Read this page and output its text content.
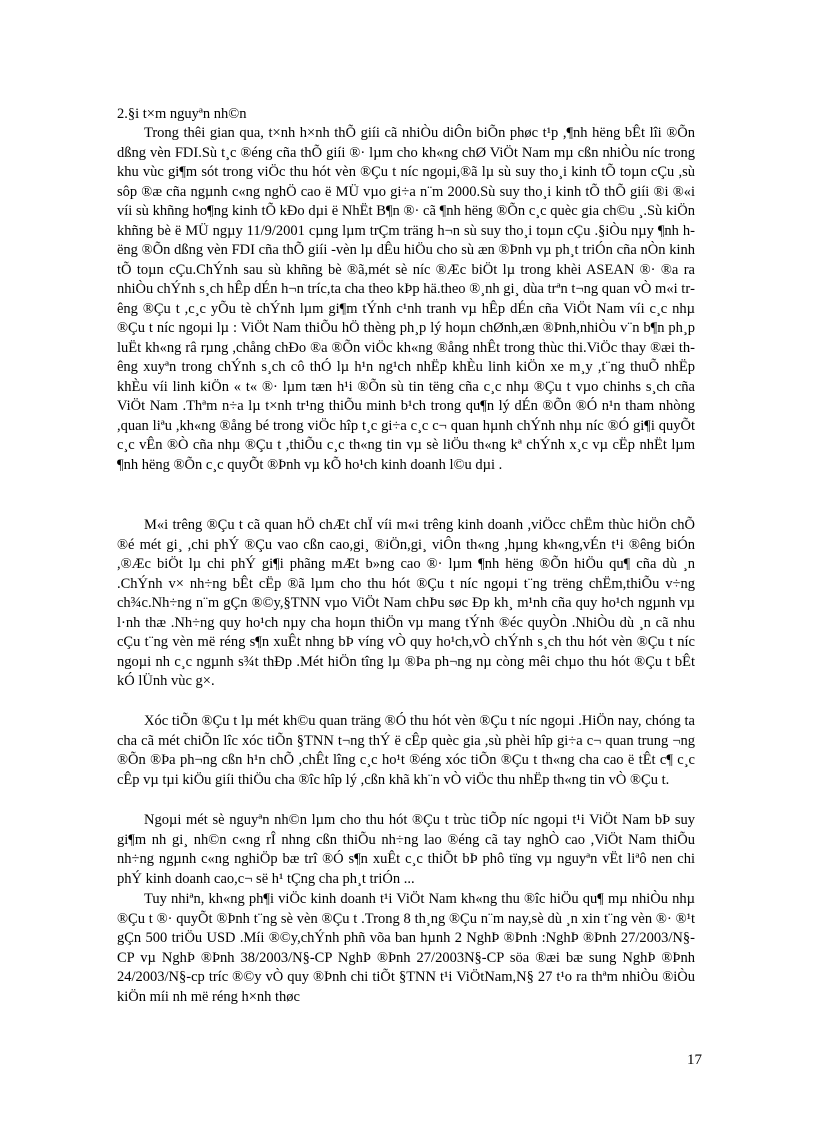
2.§i t×m nguyªn nh©n

Trong thêi gian qua, t×nh h×nh thÕ giíi cã nhiÒu diÔn biÕn phøc t¹p ,¶nh hëng bÊt lîi ®Õn dßng vèn FDI.Sù t¸c ®éng cña thÕ giíi ®· lµm cho kh«ng chØ ViÖt Nam mµ cßn nhiÒu níc trong khu vùc gi¶m sót trong viÖc thu hót vèn ®Çu t níc ngoµi,®ã lµ sù suy tho¸i kinh tÕ toµn cÇu ,sù sôp ®æ cña ngµnh c«ng nghÖ cao ë MÜ vµo gi÷a n¨m 2000.Sù suy tho¸i kinh tÕ thÕ giíi ®i ®«i víi sù khñng ho¶ng kinh tÕ kÐo dµi ë NhËt B¶n ®· cã ¶nh hëng ®Õn c¸c quèc gia ch©u ¸.Sù kiÖn khñng bè ë MÜ ngµy 11/9/2001 cµng lµm trÇm träng h¬n sù suy tho¸i toµn cÇu .§iÒu nµy ¶nh hëng ®Õn dßng vèn FDI cña thÕ giíi -vèn lµ dÊu hiÖu cho sù æn ®Þnh vµ ph¸t triÓn cña nÒn kinh tÕ toµn cÇu.ChÝnh sau sù khñng bè ®ã,mét sè níc ®Æc biÖt lµ trong khèi ASEAN ®· ®a ra nhiÒu chÝnh s¸ch hÊp dÉn h¬n tríc,ta cha theo kÞp hä.theo ®¸nh gi¸ dùa trªn t¬ng quan vÒ m«i trêng ®Çu t ,c¸c yÕu tè chÝnh lµm gi¶m tÝnh c¹nh tranh vµ hÊp dÉn cña ViÖt Nam víi c¸c nhµ ®Çu t níc ngoµi lµ : ViÖt Nam thiÕu hÖ thèng ph¸p lý hoµn chØnh,æn ®Þnh,nhiÒu v¨n b¶n ph¸p luËt kh«ng râ rµng ,chång chÐo ®a ®Õn viÖc kh«ng ®ång nhÊt trong thùc thi.ViÖc thay ®æi thêng xuyªn trong chÝnh s¸ch cô thÓ lµ h¹n ng¹ch nhËp khÈu linh kiÖn xe m¸y ,t¨ng thuÕ nhËp khÈu víi linh kiÖn « t« ®· lµm tæn h¹i ®Õn sù tin tëng cña c¸c nhµ ®Çu t vµo chinhs s¸ch cña ViÖt Nam .Thªm n÷a lµ t×nh tr¹ng thiÕu minh b¹ch trong qu¶n lý dÉn ®Õn ®Ó n¹n tham nhòng ,quan liªu ,kh«ng ®ång bé trong viÖc hîp t¸c gi÷a c¸c c¬ quan hµnh chÝnh nhµ níc ®Ó gi¶i quyÕt c¸c vÊn ®Ò cña nhµ ®Çu t ,thiÕu c¸c th«ng tin vµ sè liÖu th«ng kª chÝnh x¸c vµ cËp nhËt lµm ¶nh hëng ®Õn c¸c quyÕt ®Þnh vµ kÕ ho¹ch kinh doanh l©u dµi .

M«i trêng ®Çu t cã quan hÖ chÆt chÏ víi m«i trêng kinh doanh ,viÖcc chËm thùc hiÖn chÕ ®é mét gi¸ ,chi phÝ ®Çu vao cßn cao,gi¸ ®iÖn,gi¸ viÔn th«ng ,hµng kh«ng,vÉn t¹i ®êng biÓn ,®Æc biÖt lµ chi phÝ gi¶i phãng mÆt b»ng cao ®· lµm ¶nh hëng ®Õn hiÖu qu¶ cña dù ¸n .ChÝnh v× nh÷ng bÊt cËp ®ã lµm cho thu hót ®Çu t níc ngoµi t¨ng trëng chËm,thiÕu v÷ng ch¾c.Nh÷ng n¨m gÇn ®©y,§TNN vµo ViÖt Nam chÞu søc Ðp kh¸ m¹nh cña quy ho¹ch ngµnh vµ l·nh thæ .Nh÷ng quy ho¹ch nµy cha hoµn thiÖn vµ mang tÝnh ®éc quyÒn .NhiÒu dù ¸n cã nhu cÇu t¨ng vèn më réng s¶n xuÊt nhng bÞ víng vÒ quy ho¹ch,vÒ chÝnh s¸ch thu hót vèn ®Çu t níc ngoµi nh c¸c ngµnh s¾t thÐp .Mét hiÖn tîng lµ ®Þa ph¬ng nµ còng mêi chµo thu hót ®Çu t bÊt kÓ lÜnh vùc g×.

Xóc tiÕn ®Çu t lµ mét kh©u quan träng ®Ó thu hót vèn ®Çu t níc ngoµi .HiÖn nay, chóng ta cha cã mét chiÕn lîc xóc tiÕn §TNN t¬ng thÝ ë cÊp quèc gia ,sù phèi hîp gi÷a c¬ quan trung ¬ng ®Õn ®Þa ph¬ng cßn h¹n chÕ ,chÊt lîng c¸c ho¹t ®éng xóc tiÕn ®Çu t th«ng cha cao ë tÊt c¶ c¸c cÊp vµ tµi kiÖu giíi thiÖu cha ®îc hîp lý ,cßn khã kh¨n vÒ viÖc thu nhËp th«ng tin vÒ ®Çu t.

Ngoµi mét sè nguyªn nh©n lµm cho thu hót ®Çu t trùc tiÕp níc ngoµi t¹i ViÖt Nam bÞ suy gi¶m nh gi¸ nh©n c«ng rÎ nhng cßn thiÕu nh÷ng lao ®éng cã tay nghÒ cao ,ViÖt Nam thiÕu nh÷ng ngµnh c«ng nghiÖp bæ trî ®Ó s¶n xuÊt c¸c thiÕt bÞ phô tïng vµ nguyªn vËt liªô nen chi phÝ kinh doanh cao,c¬ së h¹ tÇng cha ph¸t triÓn ...

Tuy nhiªn, kh«ng ph¶i viÖc kinh doanh t¹i ViÖt Nam kh«ng thu ®îc hiÖu qu¶ mµ nhiÒu nhµ ®Çu t ®· quyÕt ®Þnh t¨ng sè vèn ®Çu t .Trong 8 th¸ng ®Çu n¨m nay,sè dù ¸n xin t¨ng vèn ®· ®¹t gÇn 500 triÖu USD .Míi ®©y,chÝnh phñ võa ban hµnh 2 NghÞ ®Þnh :NghÞ ®Þnh 27/2003/N§-CP vµ NghÞ ®Þnh 38/2003/N§-CP NghÞ ®Þnh 27/2003N§-CP söa ®æi bæ sung NghÞ ®Þnh 24/2003/N§-cp tríc ®©y vÒ quy ®Þnh chi tiÕt §TNN t¹i ViÖtNam,N§ 27 t¹o ra thªm nhiÒu ®iÒu kiÖn míi nh më réng h×nh thøc

17
